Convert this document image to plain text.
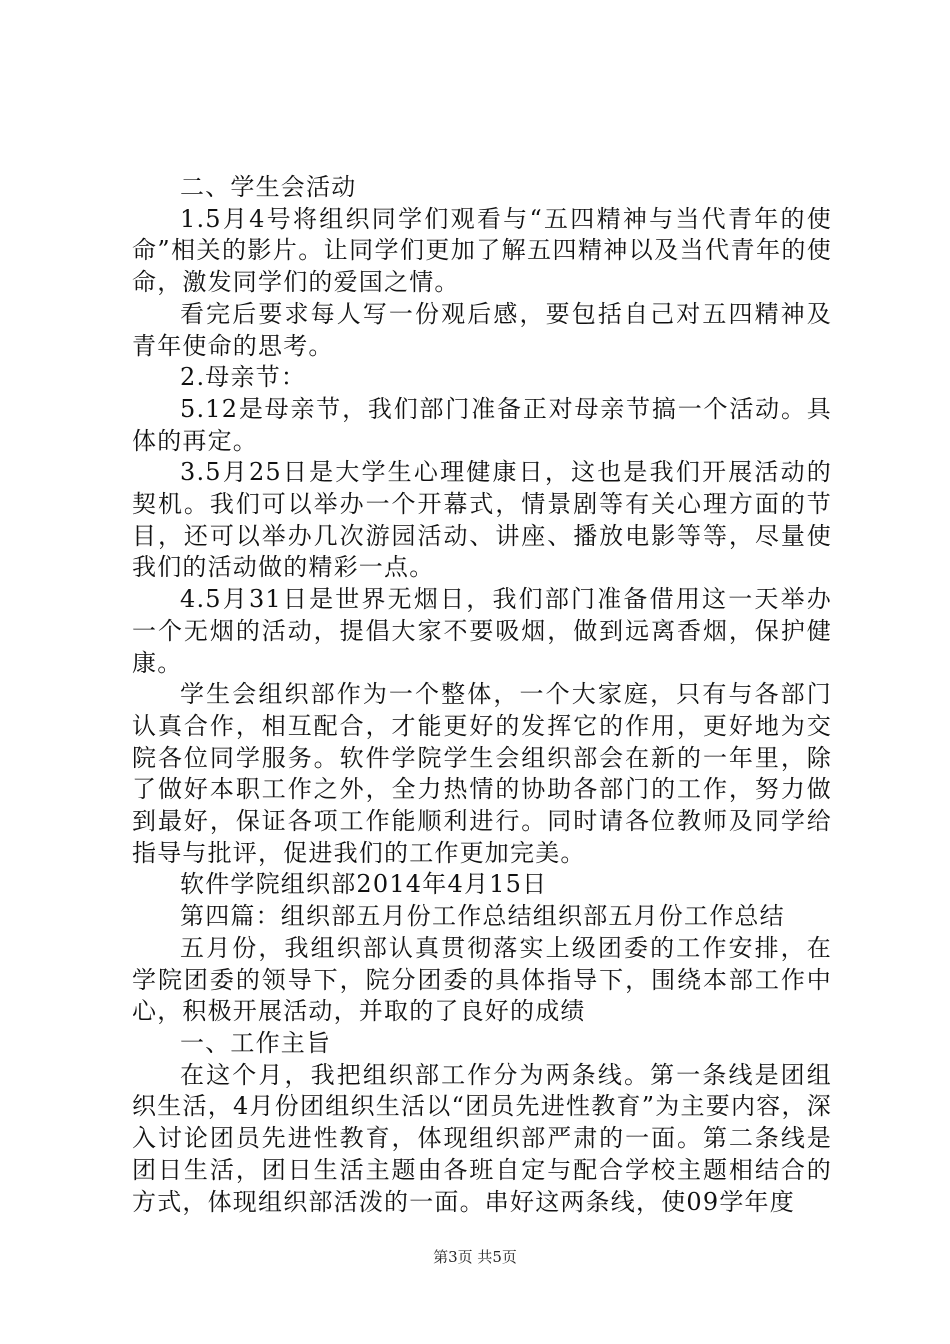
二、学生会活动

1.5月4号将组织同学们观看与“五四精神与当代青年的使命”相关的影片。让同学们更加了解五四精神以及当代青年的使命，激发同学们的爱国之情。

看完后要求每人写一份观后感，要包括自己对五四精神及青年使命的思考。

2.母亲节：

5.12是母亲节，我们部门准备正对母亲节搞一个活动。具体的再定。

3.5月25日是大学生心理健康日，这也是我们开展活动的契机。我们可以举办一个开幕式，情景剧等有关心理方面的节目，还可以举办几次游园活动、讲座、播放电影等等，尽量使我们的活动做的精彩一点。

4.5月31日是世界无烟日，我们部门准备借用这一天举办一个无烟的活动，提倡大家不要吸烟，做到远离香烟，保护健康。

学生会组织部作为一个整体，一个大家庭，只有与各部门认真合作，相互配合，才能更好的发挥它的作用，更好地为交院各位同学服务。软件学院学生会组织部会在新的一年里，除了做好本职工作之外，全力热情的协助各部门的工作，努力做到最好，保证各项工作能顺利进行。同时请各位教师及同学给指导与批评，促进我们的工作更加完美。

软件学院组织部2014年4月15日

第四篇：组织部五月份工作总结组织部五月份工作总结

五月份，我组织部认真贯彻落实上级团委的工作安排，在学院团委的领导下，院分团委的具体指导下，围绕本部工作中心，积极开展活动，并取的了良好的成绩

一、工作主旨

在这个月，我把组织部工作分为两条线。第一条线是团组织生活，4月份团组织生活以“团员先进性教育”为主要内容，深入讨论团员先进性教育，体现组织部严肃的一面。第二条线是团日生活，团日生活主题由各班自定与配合学校主题相结合的方式，体现组织部活泼的一面。串好这两条线，使09学年度

第3页 共5页
